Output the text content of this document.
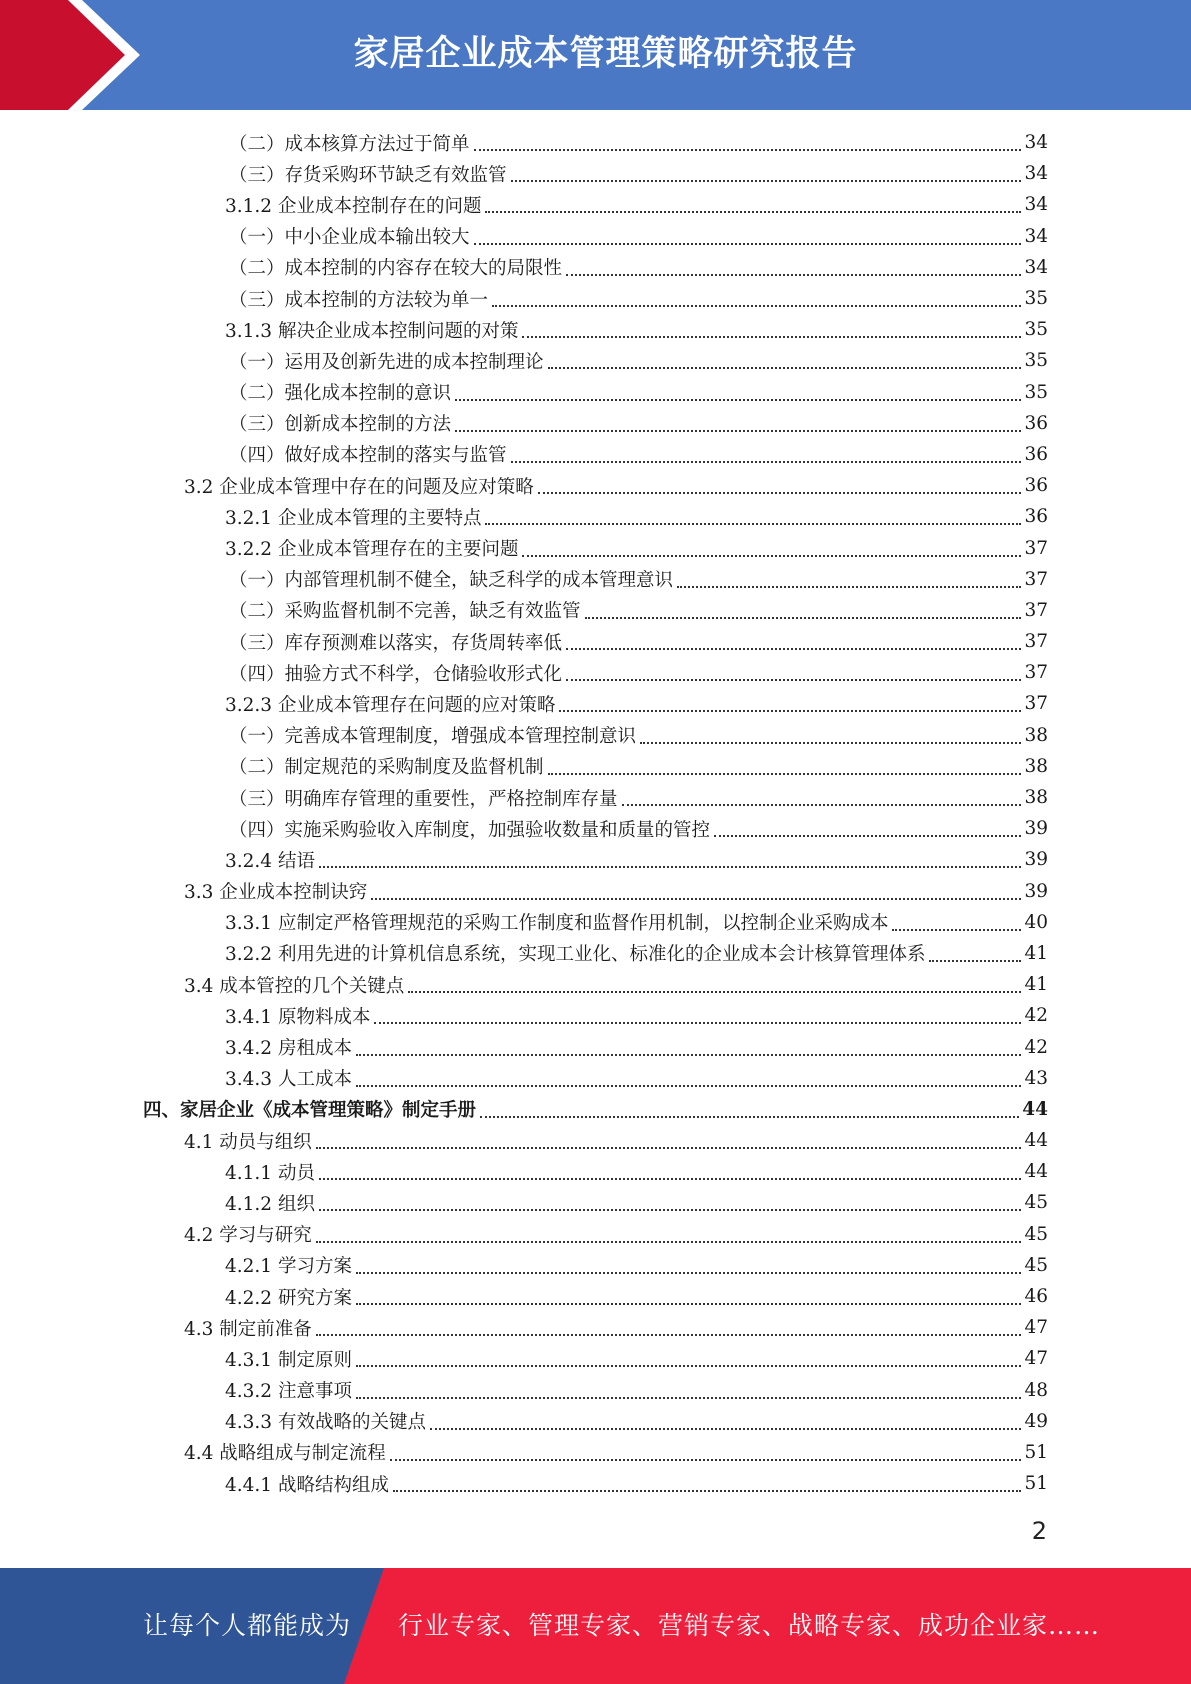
家居企业成本管理策略研究报告
（二）成本核算方法过于简单	34
（三）存货采购环节缺乏有效监管	34
3.1.2 企业成本控制存在的问题	34
（一）中小企业成本输出较大	34
（二）成本控制的内容存在较大的局限性	34
（三）成本控制的方法较为单一	35
3.1.3 解决企业成本控制问题的对策	35
（一）运用及创新先进的成本控制理论	35
（二）强化成本控制的意识	35
（三）创新成本控制的方法	36
（四）做好成本控制的落实与监管	36
3.2 企业成本管理中存在的问题及应对策略	36
3.2.1 企业成本管理的主要特点	36
3.2.2 企业成本管理存在的主要问题	37
（一）内部管理机制不健全，缺乏科学的成本管理意识	37
（二）采购监督机制不完善，缺乏有效监管	37
（三）库存预测难以落实，存货周转率低	37
（四）抽验方式不科学，仓储验收形式化	37
3.2.3 企业成本管理存在问题的应对策略	37
（一）完善成本管理制度，增强成本管理控制意识	38
（二）制定规范的采购制度及监督机制	38
（三）明确库存管理的重要性，严格控制库存量	38
（四）实施采购验收入库制度，加强验收数量和质量的管控	39
3.2.4 结语	39
3.3 企业成本控制诀窍	39
3.3.1 应制定严格管理规范的采购工作制度和监督作用机制，以控制企业采购成本	40
3.2.2 利用先进的计算机信息系统，实现工业化、标准化的企业成本会计核算管理体系	41
3.4 成本管控的几个关键点	41
3.4.1 原物料成本	42
3.4.2 房租成本	42
3.4.3 人工成本	43
四、家居企业《成本管理策略》制定手册	44
4.1 动员与组织	44
4.1.1 动员	44
4.1.2 组织	45
4.2 学习与研究	45
4.2.1 学习方案	45
4.2.2 研究方案	46
4.3 制定前准备	47
4.3.1 制定原则	47
4.3.2 注意事项	48
4.3.3 有效战略的关键点	49
4.4 战略组成与制定流程	51
4.4.1 战略结构组成	51
2
让每个人都能成为 行业专家、管理专家、营销专家、战略专家、成功企业家……
